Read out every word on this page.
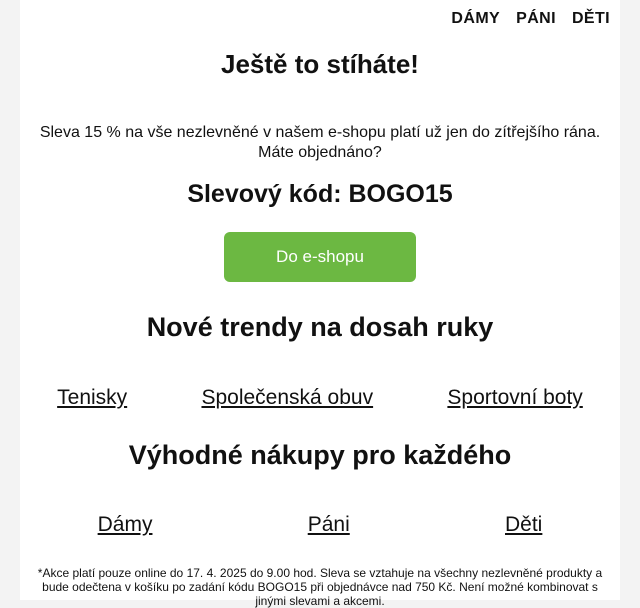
DÁMY PÁNI DĚTI
Ještě to stíháte!

Sleva 15 % na vše nezlevněné v našem e-shopu platí už jen do zítřejšího rána. Máte objednáno?

Slevový kód: BOGO15
Do e-shopu
Nové trendy na dosah ruky
Tenisky	Společenská obuv	Sportovní boty
Výhodné nákupy pro každého
Dámy	Páni	Děti

*Akce platí pouze online do 17. 4. 2025 do 9.00 hod. Sleva se vztahuje na všechny nezlevněné produkty a bude odečtena v košíku po zadání kódu BOGO15 při objednávce nad 750 Kč. Není možné kombinovat s jinými slevami a akcemi.
